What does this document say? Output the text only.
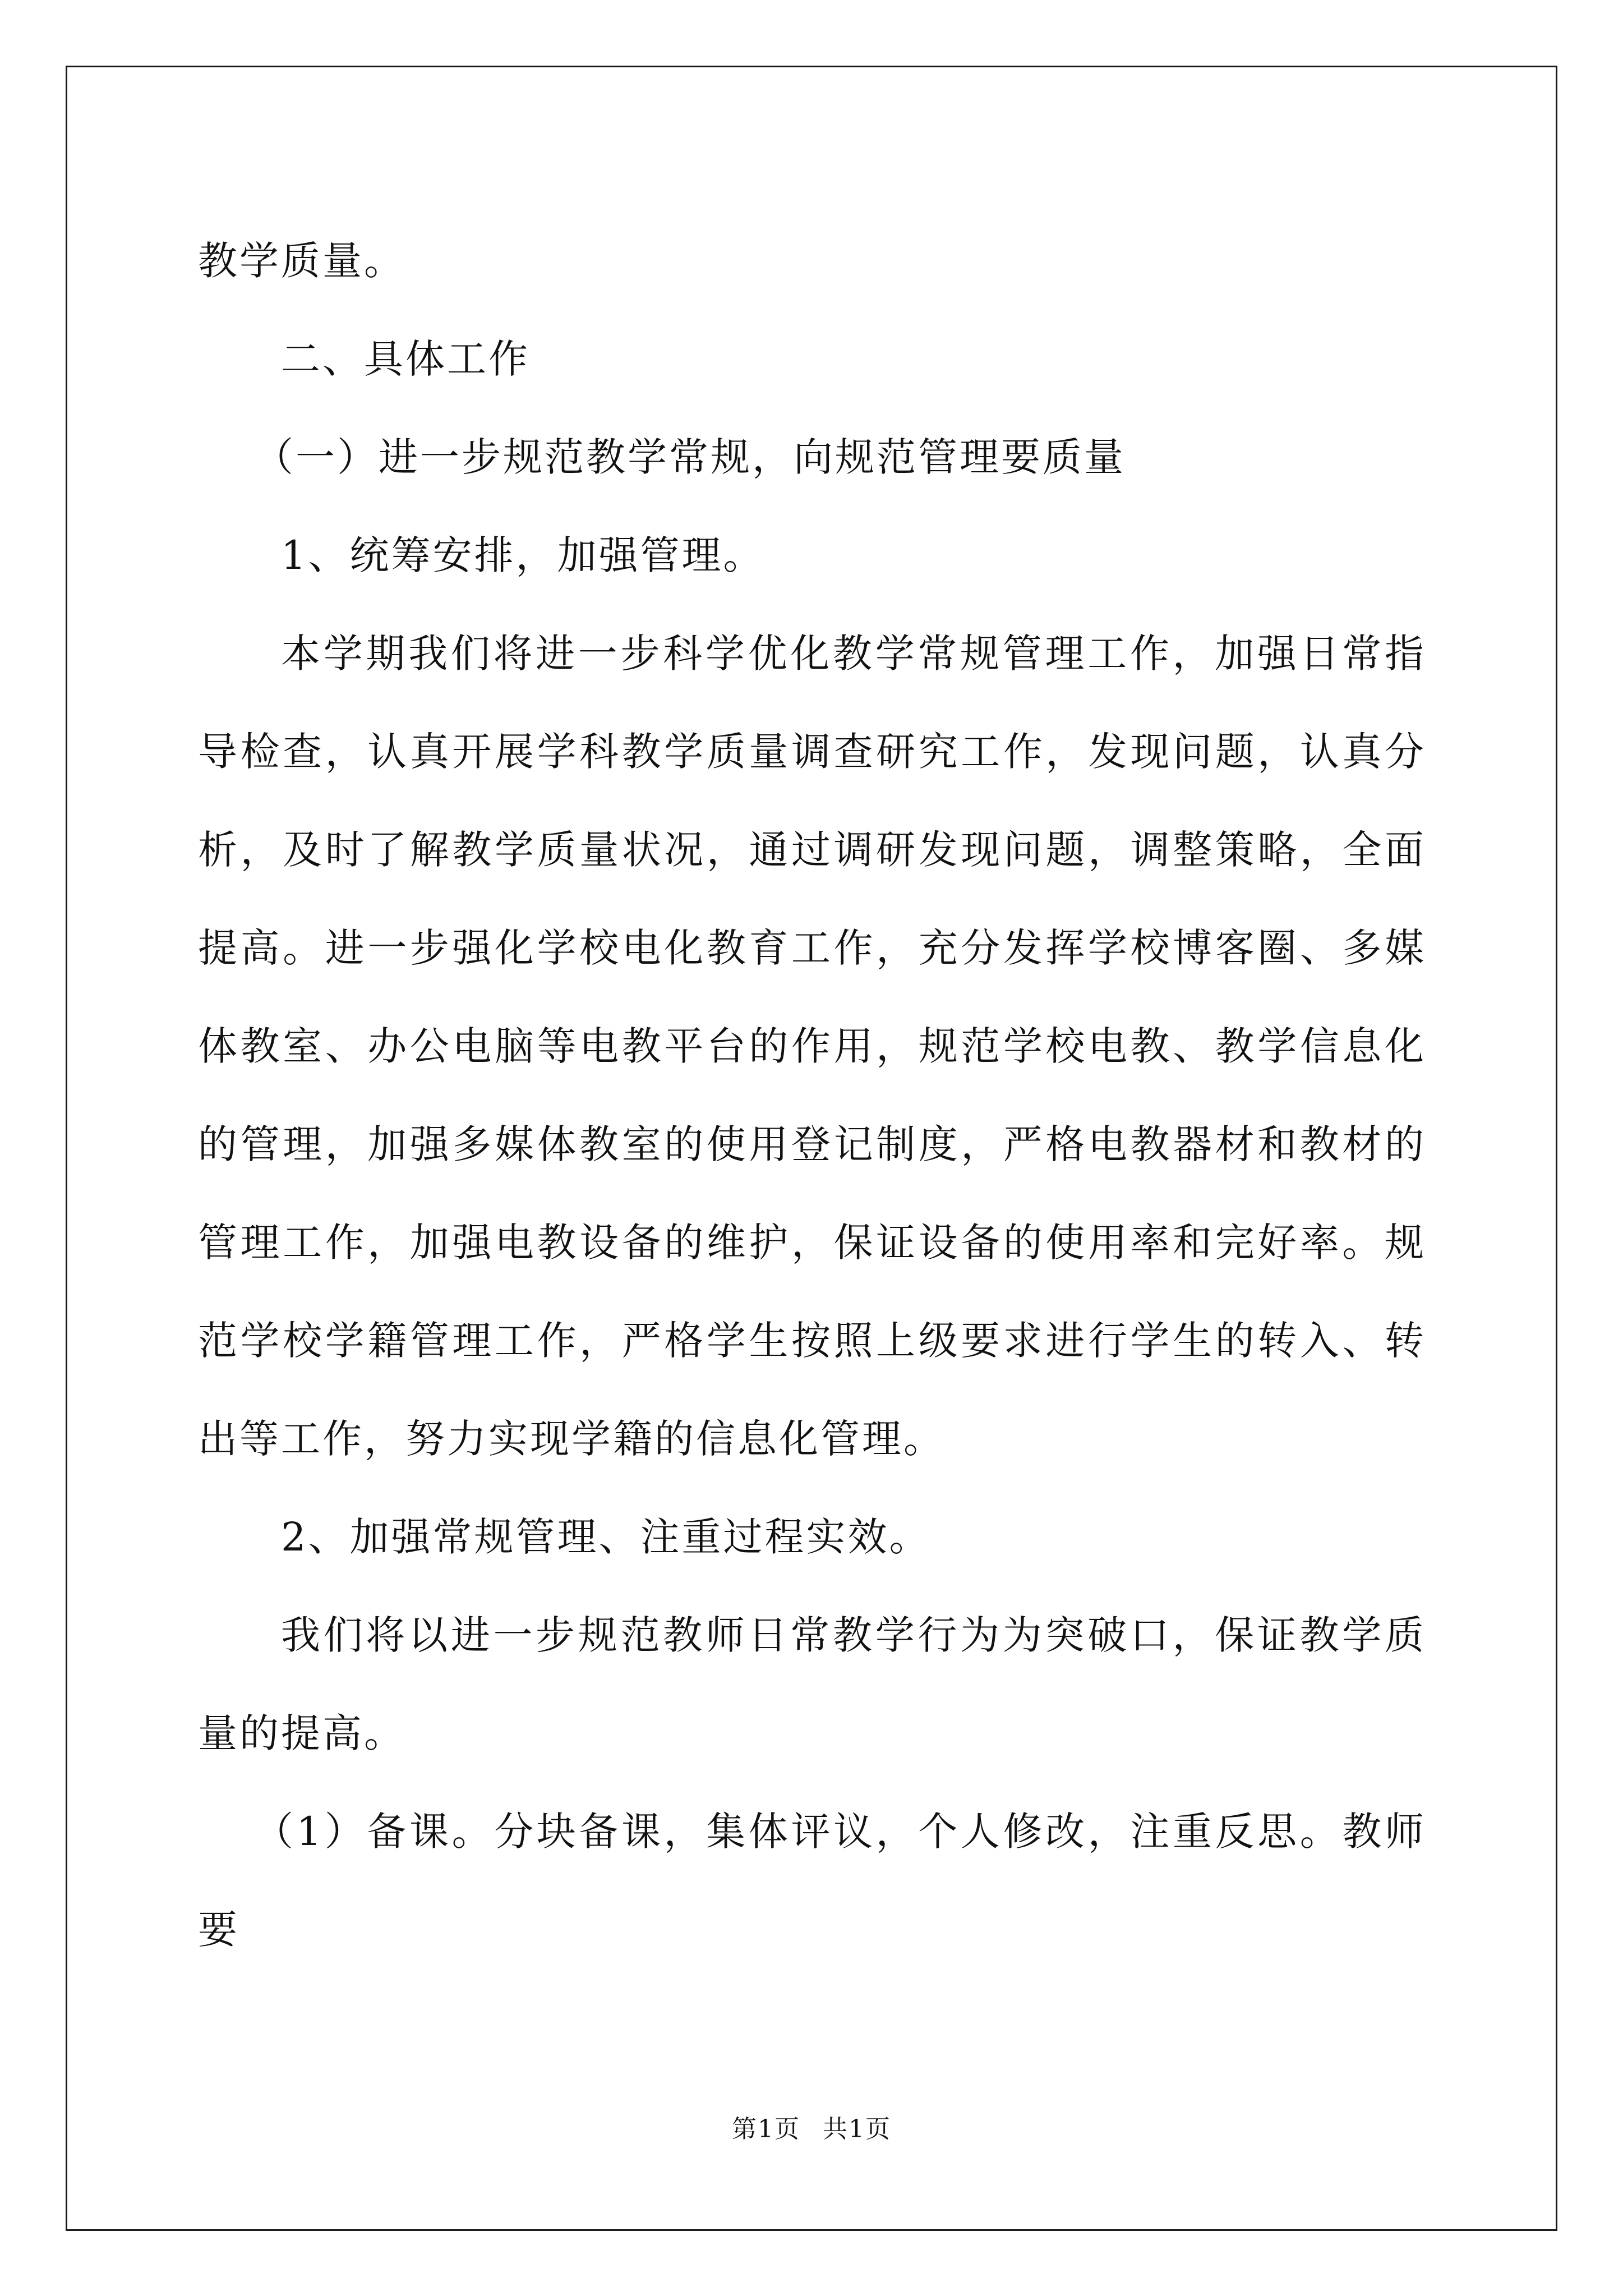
教学质量。

二、具体工作

（一）进一步规范教学常规，向规范管理要质量

1、统筹安排，加强管理。

本学期我们将进一步科学优化教学常规管理工作，加强日常指导检查，认真开展学科教学质量调查研究工作，发现问题，认真分析，及时了解教学质量状况，通过调研发现问题，调整策略，全面提高。进一步强化学校电化教育工作，充分发挥学校博客圈、多媒体教室、办公电脑等电教平台的作用，规范学校电教、教学信息化的管理，加强多媒体教室的使用登记制度，严格电教器材和教材的管理工作，加强电教设备的维护，保证设备的使用率和完好率。规范学校学籍管理工作，严格学生按照上级要求进行学生的转入、转出等工作，努力实现学籍的信息化管理。

2、加强常规管理、注重过程实效。

我们将以进一步规范教师日常教学行为为突破口，保证教学质量的提高。

（1）备课。分块备课，集体评议，个人修改，注重反思。教师要

第1页 共1页
